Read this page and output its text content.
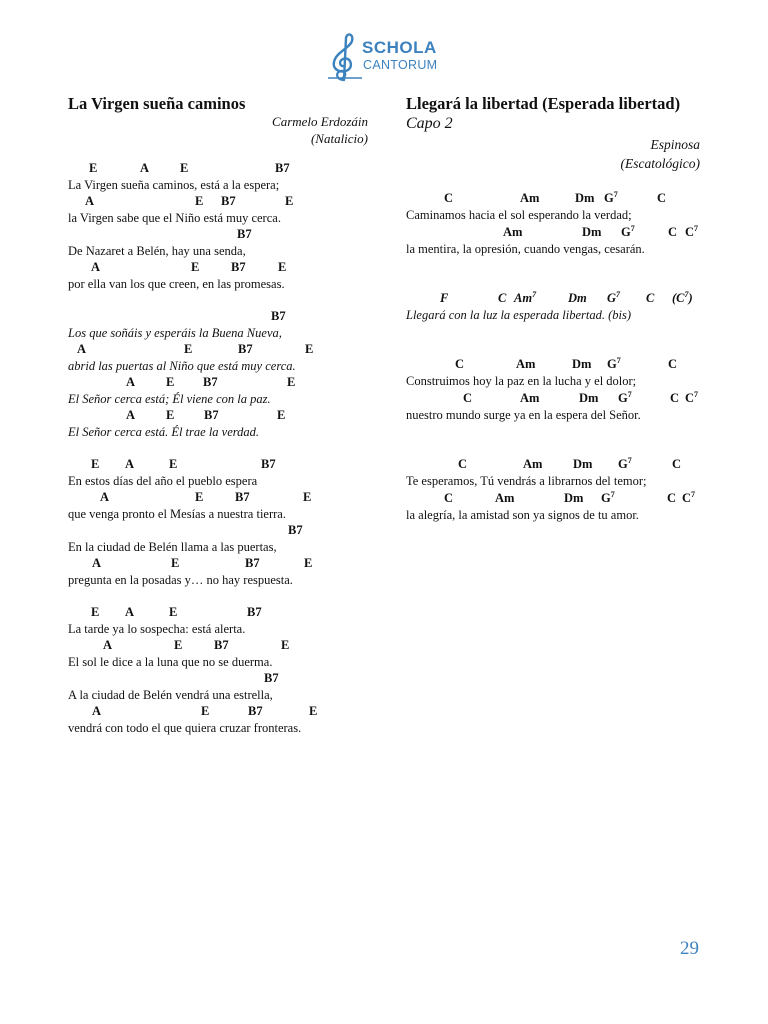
SCHOLA
CANTORUM
La Virgen sueña caminos
Carmelo Erdozáin
(Natalicio)
E	A E	B7
La Virgen sueña caminos, está a la espera;
A	E B7	E
la Virgen sabe que el Niño está muy cerca.
B7
De Nazaret a Belén, hay una senda,
A	E	B7	E
por ella van los que creen, en las promesas.
B7
Los que soñáis y esperáis la Buena Nueva,
A	E	B7	E
abrid las puertas al Niño que está muy cerca.
A E B7	E
El Señor cerca está; Él viene con la paz.
A E B7	E
El Señor cerca está. Él trae la verdad.
E A	E	B7
En estos días del año el pueblo espera
A	E	B7	E
que venga pronto el Mesías a nuestra tierra.
B7
En la ciudad de Belén llama a las puertas,
A	E	B7	E
pregunta en la posadas y… no hay respuesta.
E A	E	B7
La tarde ya lo sospecha: está alerta.
A	E	B7	E
El sol le dice a la luna que no se duerma.
B7
A la ciudad de Belén vendrá una estrella,
A	E	B7	E
vendrá con todo el que quiera cruzar fronteras.
Llegará la libertad (Esperada libertad)
Capo 2
Espinosa
(Escatológico)
C	Am	Dm $G^7$	C
Caminamos hacia el sol esperando la verdad;
Am	Dm $G^7$	C $C^7$
la mentira, la opresión, cuando vengas, cesarán.
F	C Am$^7$	Dm $G^7$ C $(C^7)$
Llegará con la luz la esperada libertad. (bis)
C	Am	Dm $G^7$	C
Construimos hoy la paz en la lucha y el dolor;
C	Am	Dm $G^7$	C $C^7$
nuestro mundo surge ya en la espera del Señor.
C	Am Dm $G^7$	C
Te esperamos, Tú vendrás a librarnos del temor;
C	Am	Dm $G^7$	C $C^7$
la alegría, la amistad son ya signos de tu amor.
29
